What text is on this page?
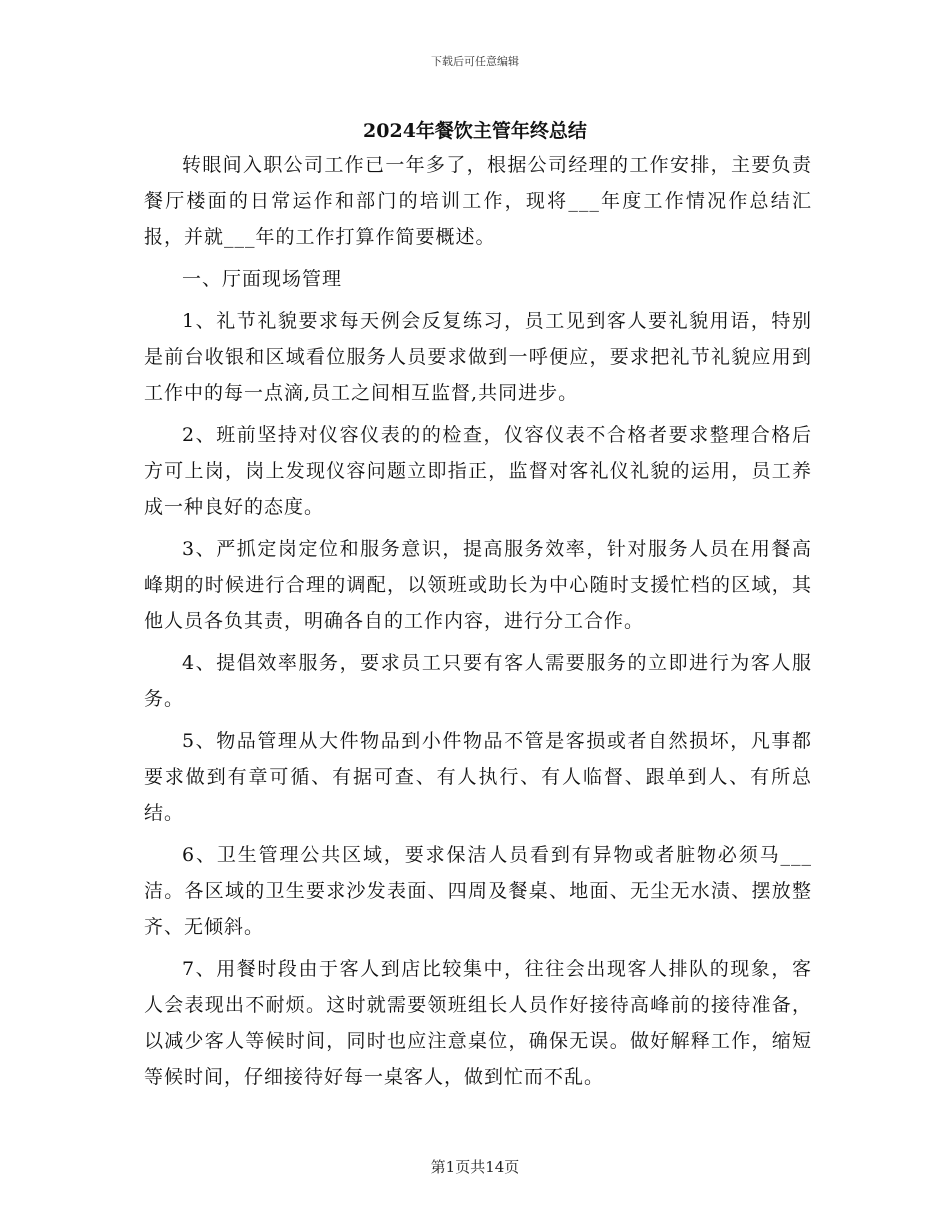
下载后可任意编辑
2024年餐饮主管年终总结

转眼间入职公司工作已一年多了，根据公司经理的工作安排，主要负责餐厅楼面的日常运作和部门的培训工作，现将___年度工作情况作总结汇报，并就___年的工作打算作简要概述。

一、厅面现场管理

1、礼节礼貌要求每天例会反复练习，员工见到客人要礼貌用语，特别是前台收银和区域看位服务人员要求做到一呼便应，要求把礼节礼貌应用到工作中的每一点滴,员工之间相互监督,共同进步。

2、班前坚持对仪容仪表的的检查，仪容仪表不合格者要求整理合格后方可上岗，岗上发现仪容问题立即指正，监督对客礼仪礼貌的运用，员工养成一种良好的态度。

3、严抓定岗定位和服务意识，提高服务效率，针对服务人员在用餐高峰期的时候进行合理的调配，以领班或助长为中心随时支援忙档的区域，其他人员各负其责，明确各自的工作内容，进行分工合作。

4、提倡效率服务，要求员工只要有客人需要服务的立即进行为客人服务。

5、物品管理从大件物品到小件物品不管是客损或者自然损坏，凡事都要求做到有章可循、有据可查、有人执行、有人临督、跟单到人、有所总结。

6、卫生管理公共区域，要求保洁人员看到有异物或者脏物必须马___洁。各区域的卫生要求沙发表面、四周及餐桌、地面、无尘无水渍、摆放整齐、无倾斜。

7、用餐时段由于客人到店比较集中，往往会出现客人排队的现象，客人会表现出不耐烦。这时就需要领班组长人员作好接待高峰前的接待准备，以减少客人等候时间，同时也应注意桌位，确保无误。做好解释工作，缩短等候时间，仔细接待好每一桌客人，做到忙而不乱。

第1页共14页
